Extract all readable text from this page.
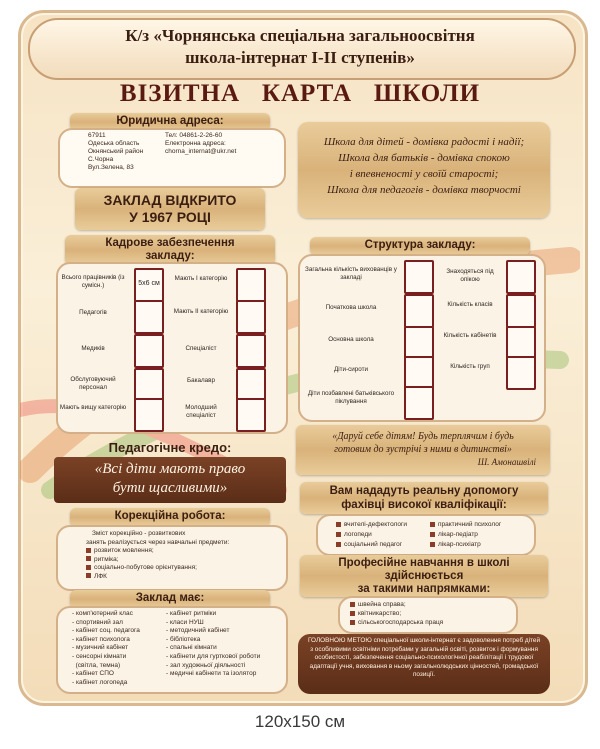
К/з «Чорнянська спеціальна загальноосвітня
школа-інтернат І-ІІ ступенів»
ВІЗИТНА   КАРТА   ШКОЛИ
Юридична адреса:
67911
Одеська область
Окнянський район
С.Чорна
Вул.Зелена, 83
Тел: 04861-2-26-60
Електронна адреса:
chorna_internat@ukr.net
Школа для дітей - домівка радості і надії;
Школа для батьків - домівка спокою
і впевненості у своїй старості;
Школа для педагогів - домівка творчості
ЗАКЛАД ВІДКРИТО
У 1967 РОЦІ
Кадрове забезпечення
закладу:
Всього працівників (із сумісн.)	5х6 см
Педагогів
Медиків
Обслуговуючий персонал
Мають вищу категорію
Мають І категорію
Мають ІІ категорію
Спеціаліст
Бакалавр
Молодший спеціаліст
Структура закладу:
Загальна кількість вихованців у закладі
Початкова школа
Основна школа
Діти-сироти
Діти позбавлені батьківського піклування
Знаходяться під опікою
Кількість класів
Кількість кабінетів
Кількість груп
Педагогічне кредо:
«Всі діти мають право
бути щасливими»
«Даруй себе дітям! Будь терплячим і будь
готовим до зустрічі з ними в дитинстві»
Ш. Амонашвілі
Вам нададуть реальну допомогу
фахівці високої кваліфікації:
вчителі-дефектологи
логопеди
соціальний педагог
практичний психолог
лікар-педіатр
лікар-психіатр
Корекційна робота:
Зміст корекційно - розвиткових
занять реалізується через навчальні предмети:
розвиток мовлення;
ритміка;
соціально-побутове орієнтування;
ЛФК
Професійне навчання в школі
здійснюється
за такими напрямками:
швейна справа;
квітникарство;
сільськогосподарська праця
Заклад має:
- комп'ютерний клас
- спортивний зал
- кабінет соц. педагога
- кабінет психолога
- музичний кабінет
- сенсорні кімнати
(світла, темна)
- кабінет СПО
- кабінет логопеда
- кабінет ритміки
- класи НУШ
- методичний кабінет
- бібліотека
- спальні кімнати
- кабінети для гурткової роботи
- зал художньої діяльності
- медичні кабінети та ізолятор
ГОЛОВНОЮ МЕТОЮ спеціальної школи-інтернат є задоволення потреб дітей з особливими освітніми потребами у загальній освіті, розвиток і формування особистості, забезпечення соціально-психологічної реабілітації і трудової адаптації учня, виховання в ньому загальнолюдських цінностей, громадської позиції.
120х150 см
